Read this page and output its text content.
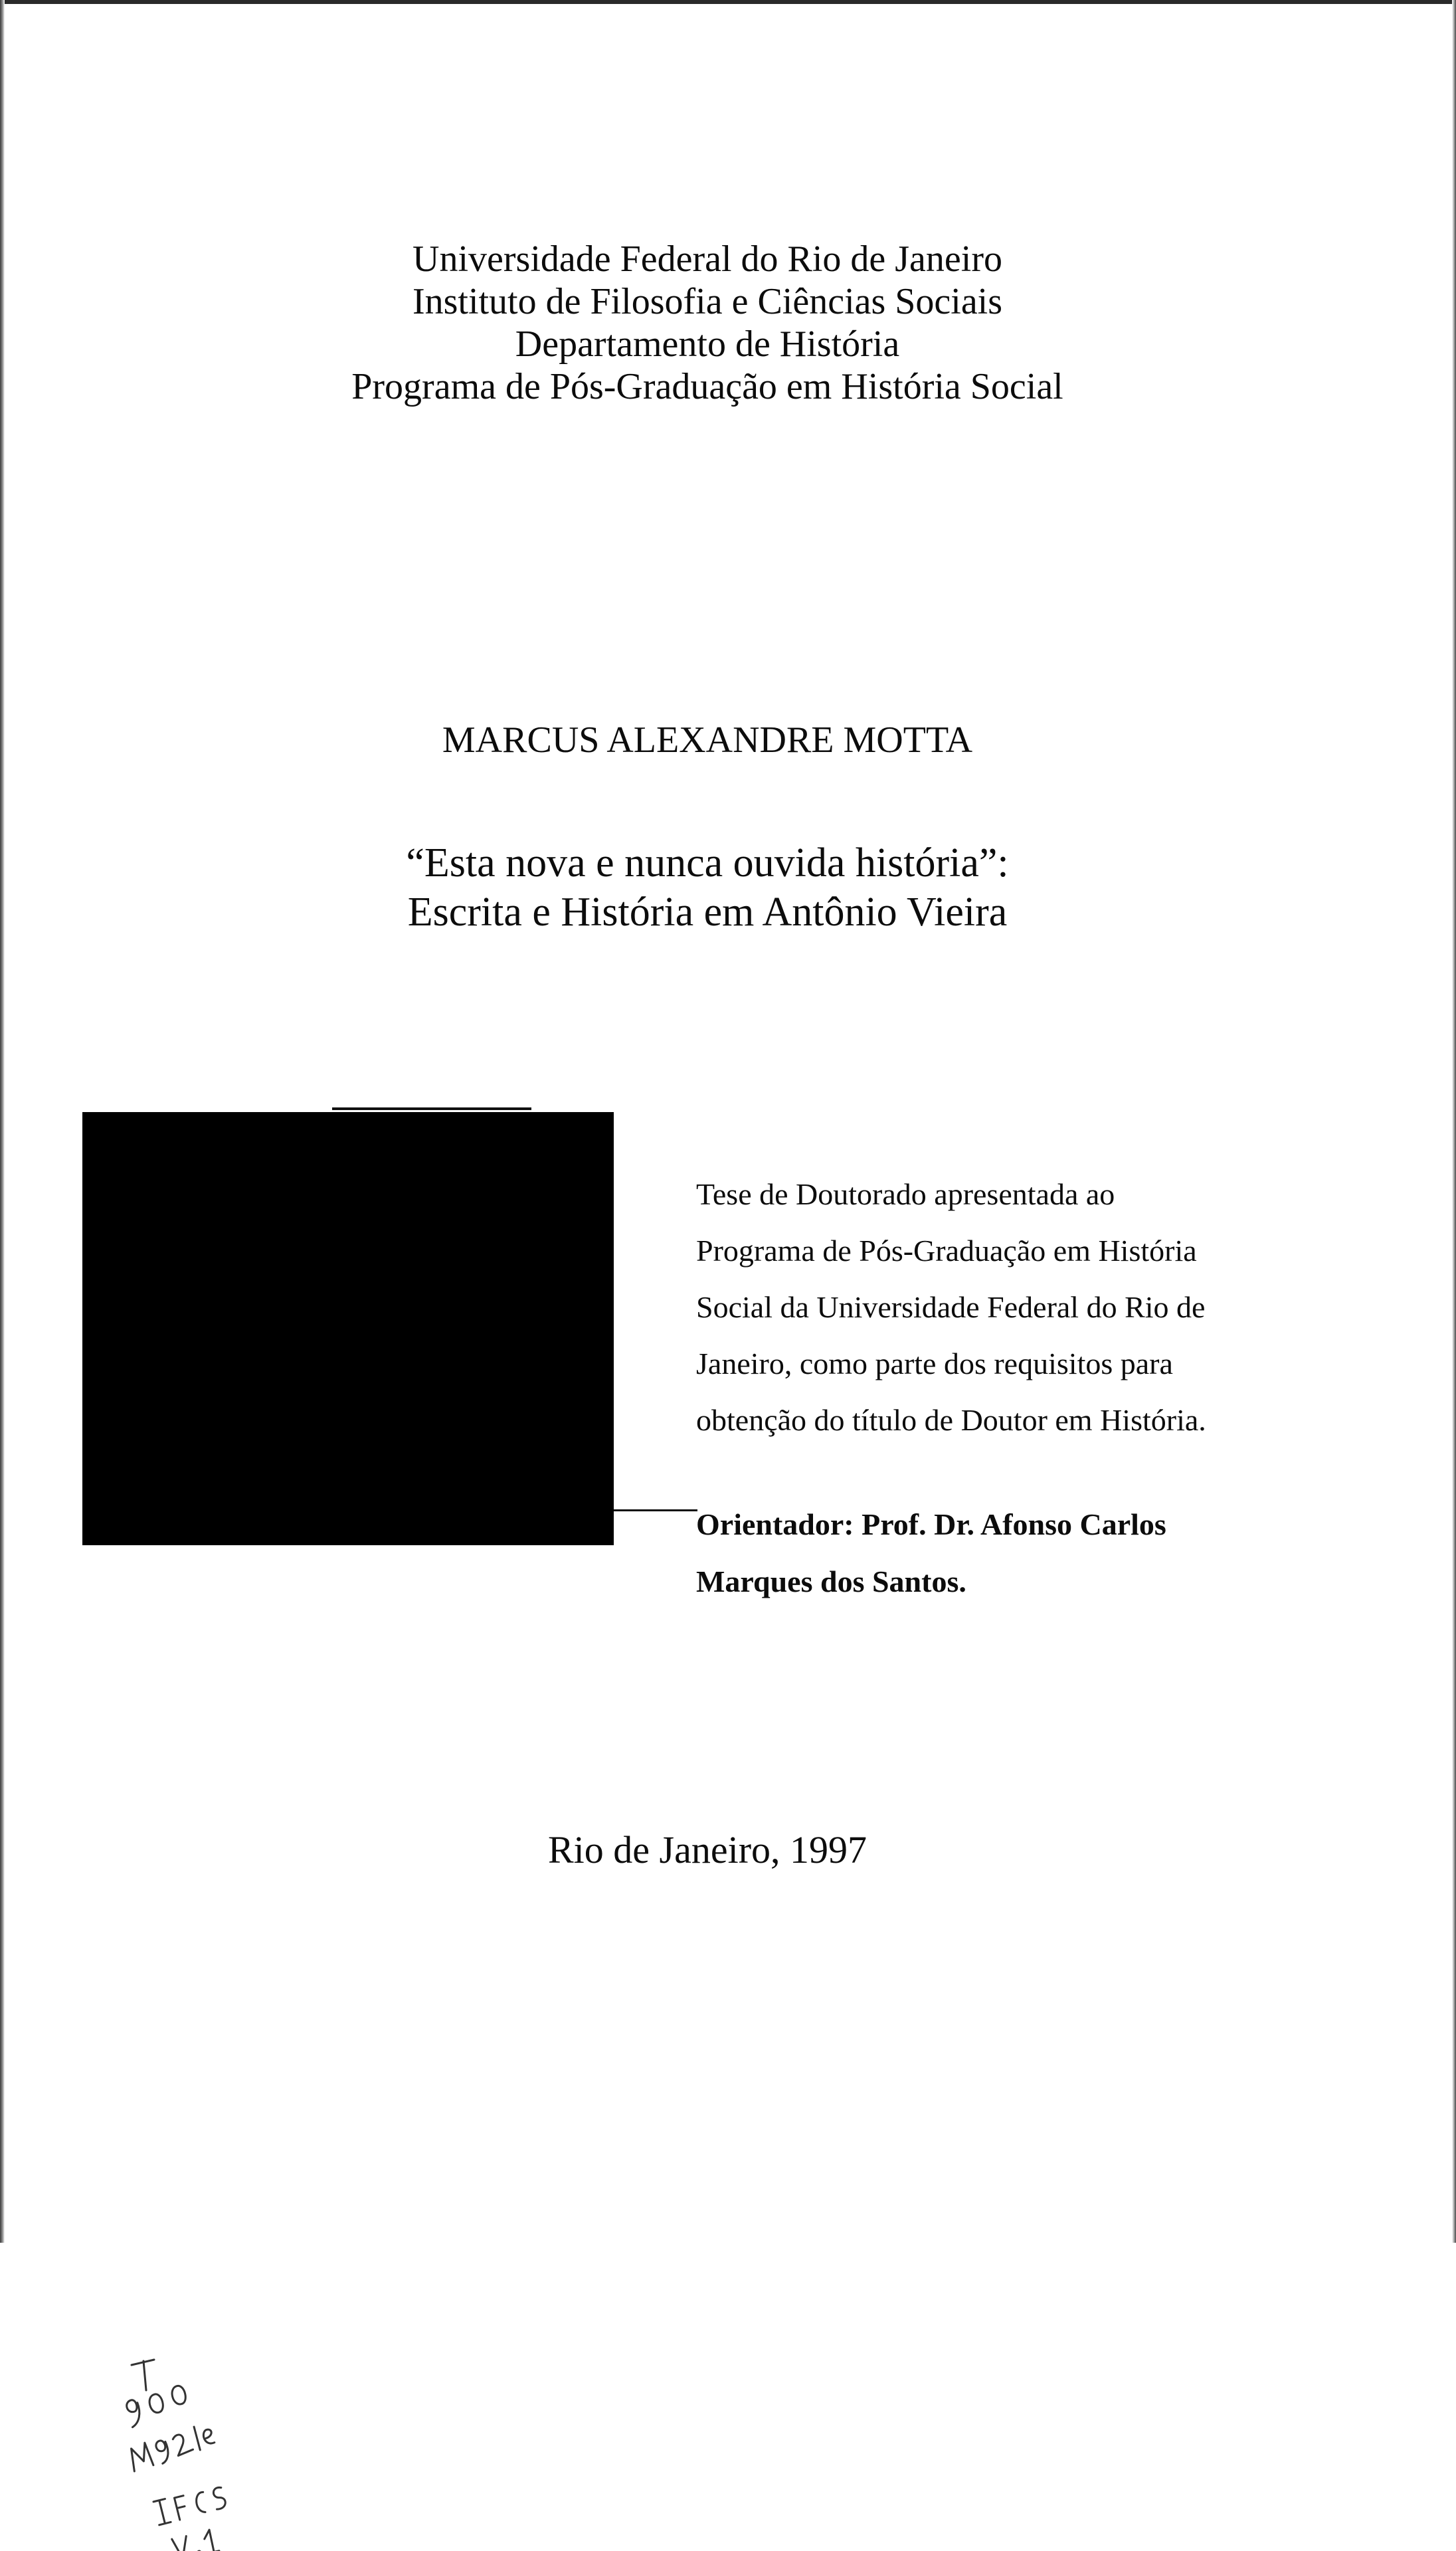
Universidade Federal do Rio de Janeiro
Instituto de Filosofia e Ciências Sociais
Departamento de História
Programa de Pós-Graduação em História Social
MARCUS ALEXANDRE MOTTA
“Esta nova e nunca ouvida história”:
Escrita e História em Antônio Vieira
Tese de Doutorado apresentada ao
Programa de Pós-Graduação em História
Social da Universidade Federal do Rio de
Janeiro, como parte dos requisitos para
obtenção do título de Doutor em História.
Orientador: Prof. Dr. Afonso Carlos
Marques dos Santos.
Rio de Janeiro, 1997
